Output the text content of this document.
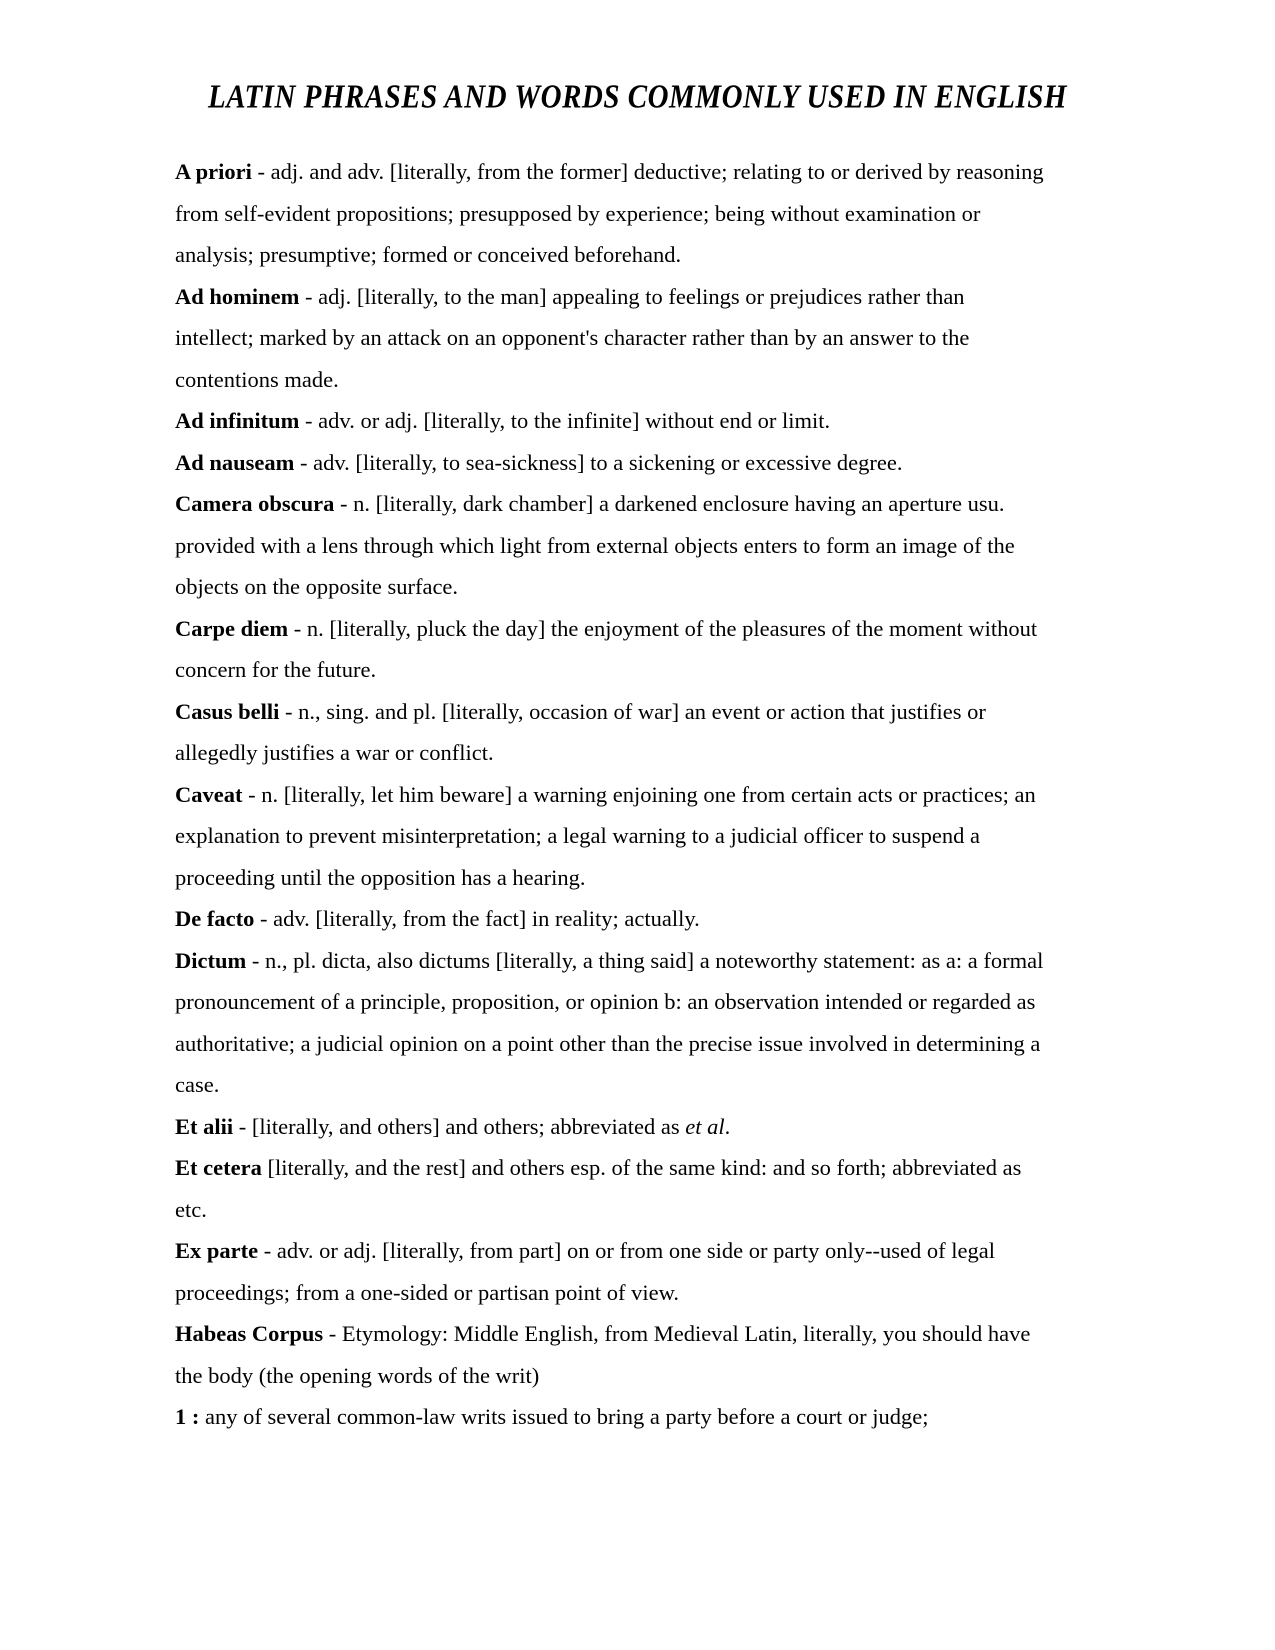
LATIN PHRASES AND WORDS COMMONLY USED IN ENGLISH

A priori - adj. and adv. [literally, from the former] deductive; relating to or derived by reasoning from self-evident propositions; presupposed by experience; being without examination or analysis; presumptive; formed or conceived beforehand.

Ad hominem - adj. [literally, to the man] appealing to feelings or prejudices rather than intellect; marked by an attack on an opponent's character rather than by an answer to the contentions made.

Ad infinitum - adv. or adj. [literally, to the infinite] without end or limit.

Ad nauseam - adv. [literally, to sea-sickness] to a sickening or excessive degree.

Camera obscura - n. [literally, dark chamber] a darkened enclosure having an aperture usu. provided with a lens through which light from external objects enters to form an image of the objects on the opposite surface.

Carpe diem - n. [literally, pluck the day] the enjoyment of the pleasures of the moment without concern for the future.

Casus belli - n., sing. and pl. [literally, occasion of war] an event or action that justifies or allegedly justifies a war or conflict.

Caveat - n. [literally, let him beware] a warning enjoining one from certain acts or practices; an explanation to prevent misinterpretation; a legal warning to a judicial officer to suspend a proceeding until the opposition has a hearing.

De facto - adv. [literally, from the fact] in reality; actually.

Dictum - n., pl. dicta, also dictums [literally, a thing said] a noteworthy statement: as a: a formal pronouncement of a principle, proposition, or opinion b: an observation intended or regarded as authoritative; a judicial opinion on a point other than the precise issue involved in determining a case.

Et alii - [literally, and others] and others; abbreviated as et al.

Et cetera [literally, and the rest] and others esp. of the same kind: and so forth; abbreviated as etc.

Ex parte - adv. or adj. [literally, from part] on or from one side or party only--used of legal proceedings; from a one-sided or partisan point of view.

Habeas Corpus - Etymology: Middle English, from Medieval Latin, literally, you should have the body (the opening words of the writ)

1 : any of several common-law writs issued to bring a party before a court or judge;
